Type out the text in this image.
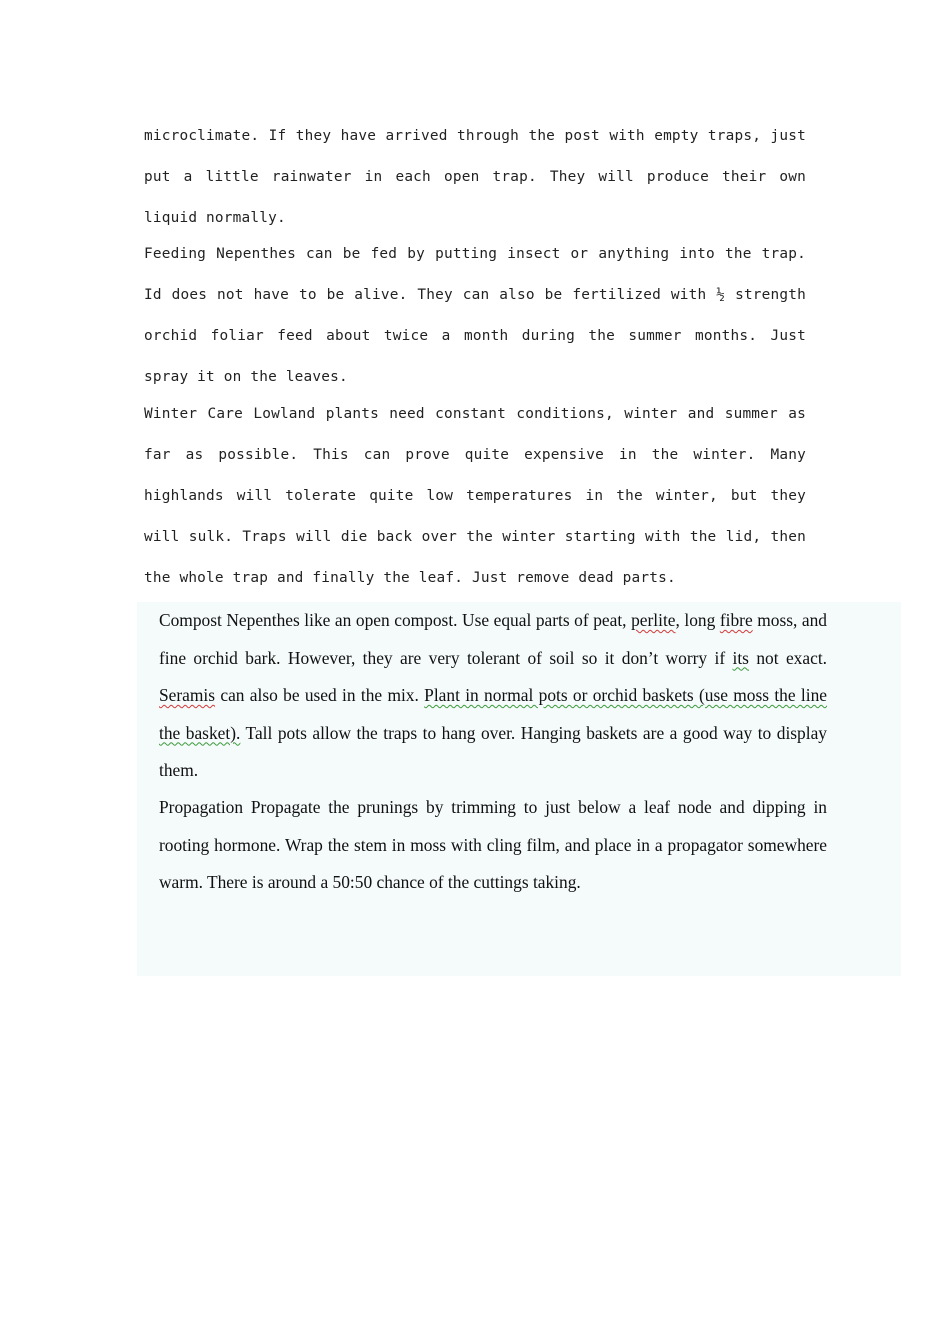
microclimate. If they have arrived through the post with empty traps, just put a little rainwater in each open trap. They will produce their own liquid normally.

Feeding Nepenthes can be fed by putting insect or anything into the trap. Id does not have to be alive. They can also be fertilized with ½ strength orchid foliar feed about twice a month during the summer months. Just spray it on the leaves.

Winter Care Lowland plants need constant conditions, winter and summer as far as possible. This can prove quite expensive in the winter. Many highlands will tolerate quite low temperatures in the winter, but they will sulk. Traps will die back over the winter starting with the lid, then the whole trap and finally the leaf. Just remove dead parts.

Compost Nepenthes like an open compost. Use equal parts of peat, perlite, long fibre moss, and fine orchid bark. However, they are very tolerant of soil so it don’t worry if its not exact. Seramis can also be used in the mix. Plant in normal pots or orchid baskets (use moss the line the basket). Tall pots allow the traps to hang over. Hanging baskets are a good way to display them.

Propagation Propagate the prunings by trimming to just below a leaf node and dipping in rooting hormone. Wrap the stem in moss with cling film, and place in a propagator somewhere warm. There is around a 50:50 chance of the cuttings taking.
